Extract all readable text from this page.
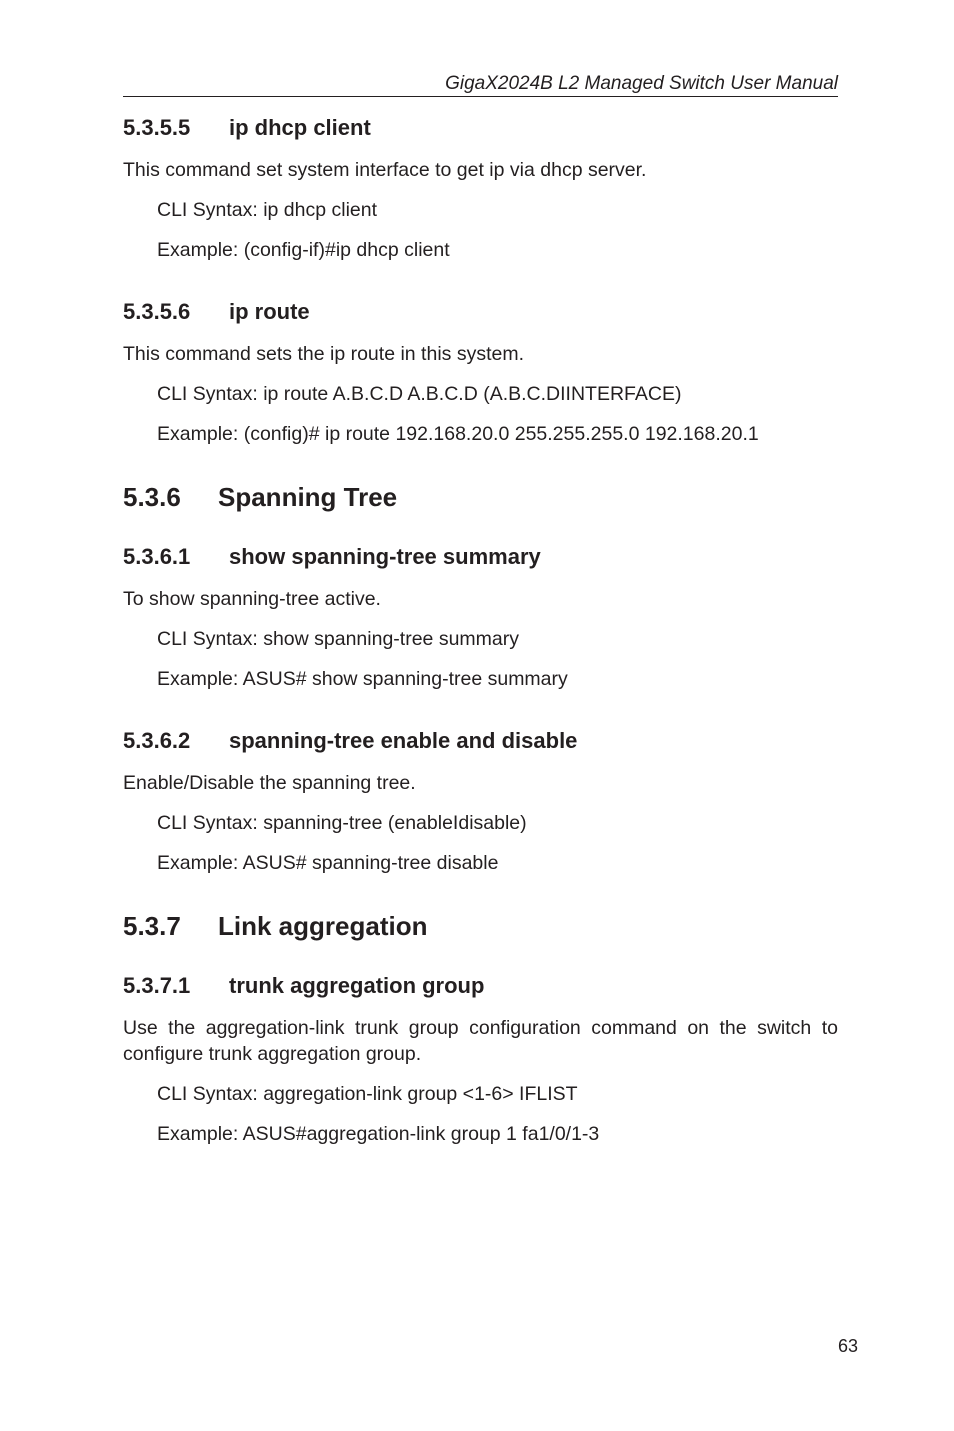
GigaX2024B L2 Managed Switch User Manual
5.3.5.5 ip dhcp client
This command set system interface to get ip via dhcp server.
CLI Syntax: ip dhcp client
Example: (config-if)#ip dhcp client
5.3.5.6 ip route
This command sets the ip route in this system.
CLI Syntax: ip route A.B.C.D A.B.C.D (A.B.C.DIINTERFACE)
Example: (config)# ip route 192.168.20.0 255.255.255.0 192.168.20.1
5.3.6 Spanning Tree
5.3.6.1 show spanning-tree summary
To show spanning-tree active.
CLI Syntax: show spanning-tree summary
Example: ASUS# show spanning-tree summary
5.3.6.2 spanning-tree enable and disable
Enable/Disable the spanning tree.
CLI Syntax: spanning-tree (enableIdisable)
Example: ASUS# spanning-tree disable
5.3.7 Link aggregation
5.3.7.1 trunk aggregation group
Use the aggregation-link trunk group configuration command on the switch to configure trunk aggregation group.
CLI Syntax: aggregation-link group <1-6> IFLIST
Example: ASUS#aggregation-link group 1 fa1/0/1-3
63
